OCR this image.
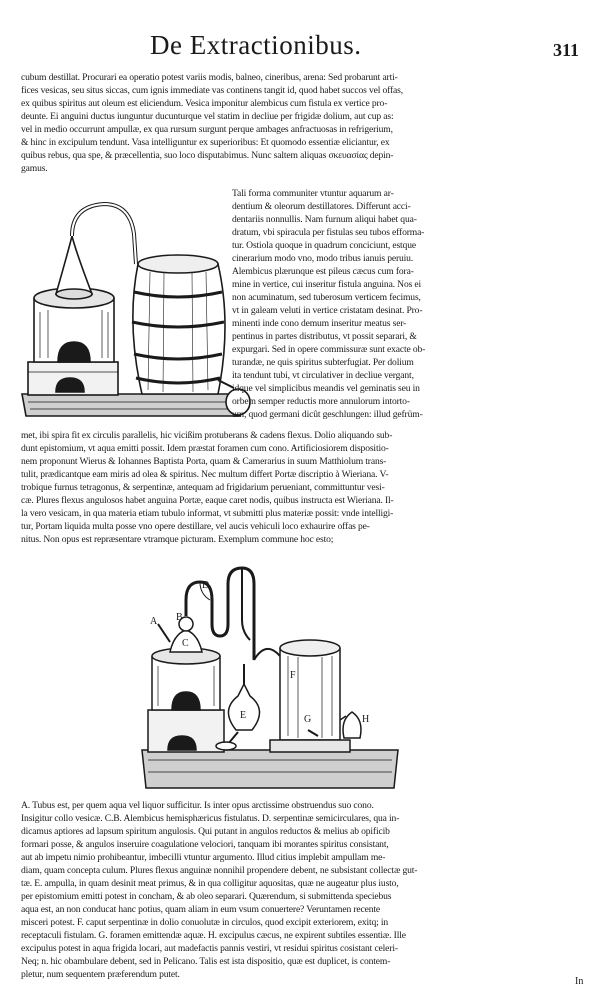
De Extractionibus.	311
cubum destillat. Procurari ea operatio potest variis modis, balneo, cineribus, arena: Sed probarunt arti-
fices vesicas, seu situs siccas, cum ignis immediate vas continens tangit id, quod habet succos vel offas,
ex quibus spiritus aut oleum est eliciendum. Vesica imponitur alembicus cum fistula ex vertice pro-
deunte. Ei anguini ductus iunguntur ducunturque vel statim in decliue per frigidæ dolium, aut cup as:
vel in medio occurrunt ampullæ, ex qua rursum surgunt perque ambages anfractuosas in refrigerium,
& hinc in excipulum tendunt. Vasa intelliguntur ex superioribus: Et quomodo essentiæ eliciantur, ex
quibus rebus, qua spe, & præcellentia, suo loco disputabimus. Nunc saltem aliquas σκευασίας depin-
gamus.
Tali forma communiter vtuntur aquarum ar-
dentium & oleorum destillatores. Differunt acci-
dentariis nonnullis. Nam furnum aliqui habet qua-
dratum, vbi spiracula per fistulas seu tubos efforma-
tur. Ostiola quoque in quadrum conciciunt, estque
cinerarium modo vno, modo tribus ianuis peruiu.
Alembicus plærunque est pileus cæcus cum fora-
mine in vertice, cui inseritur fistula anguina. Nos ei
non acuminatum, sed tuberosum verticem fecimus,
vt in galeam veluti in vertice cristatam desinat. Pro-
minenti inde cono demum inseritur meatus ser-
pentinus in partes distributus, vt possit separari, &
expurgari. Sed in opere commissuræ sunt exacte ob-
turandæ, ne quis spiritus subterfugiat. Per dolium
ita tendunt tubi, vt circulativer in decliue vergant,
idque vel simplicibus meandis vel geminatis seu in
orbem semper reductis more annulorum intorto-
um, quod germani dicût geschlungen: illud gefrüm-
met, ibi spira fit ex circulis parallelis, hic vicißim protuberans & cadens flexus. Dolio aliquando sub-
dunt epistomium, vt aqua emitti possit. Idem præstat foramen cum cono. Artificiosiorem dispositio-
nem proponunt Wierus & Iohannes Baptista Porta, quam & Camerarius in suum Matthiolum trans-
tulit, prædicantque eam miris ad olea & spiritus. Nec multum differt Portæ discriptio à Wieriana. V-
trobique furnus tetragonus, & serpentinæ, antequam ad frigidarium perueniant, committuntur vesi-
cæ. Plures flexus angulosos habet anguina Portæ, eaque caret nodis, quibus instructa est Wieriana. Il-
la vero vesicam, in qua materia etiam tubulo informat, vt submitti plus materiæ possit: vnde intelligi-
tur, Portam liquida multa posse vno opere destillare, vel aucis vehiculi loco exhaurire offas pe-
nitus. Non opus est repræsentare vtramque picturam. Exemplum commune hoc esto;
A B
C
D
E
F
G	H
A. Tubus est, per quem aqua vel liquor sufficitur. Is inter opus arctissime obstruendus suo cono.
Insigitur collo vesicæ. C.B. Alembicus hemisphæricus fistulatus. D. serpentinæ semicirculares, qua in-
dicamus aptiores ad lapsum spiritum angulosis. Qui putant in angulos reductos & melius ab opificib
formari posse, & angulos inseruire coagulatione velociori, tanquam ibi morantes spiritus consistant,
aut ab impetu nimio prohibeantur, imbecilli vtuntur argumento. Illud citius implebit ampullam me-
diam, quam concepta culum. Plures flexus anguinæ nonnihil propendere debent, ne subsistant collectæ gut-
tæ. E. ampulla, in quam desinit meat primus, & in qua colligitur aquositas, quæ ne augeatur plus iusto,
per epistomium emitti potest in concham, & ab oleo separari. Quærendum, si submittenda speciebus
aqua est, an non conducat hanc potius, quam aliam in eum vsum conuertere? Veruntamen recente
misceri potest. F. caput serpentinæ in dolio conuolutæ in circulos, quod excipit exteriorem, exitq; in
receptaculi fistulam. G. foramen emittendæ aquæ. H. excipulus cæcus, ne expirent subtiles essentiæ. Ille
excipulus potest in aqua frigida locari, aut madefactis pannis vestiri, vt residui spiritus cosistant celeri-
Neq; n. hic obambulare debent, sed in Pelicano. Talis est ista dispositio, quæ est duplicet, is contem-
pletur, num sequentem præferendum putet.
In
